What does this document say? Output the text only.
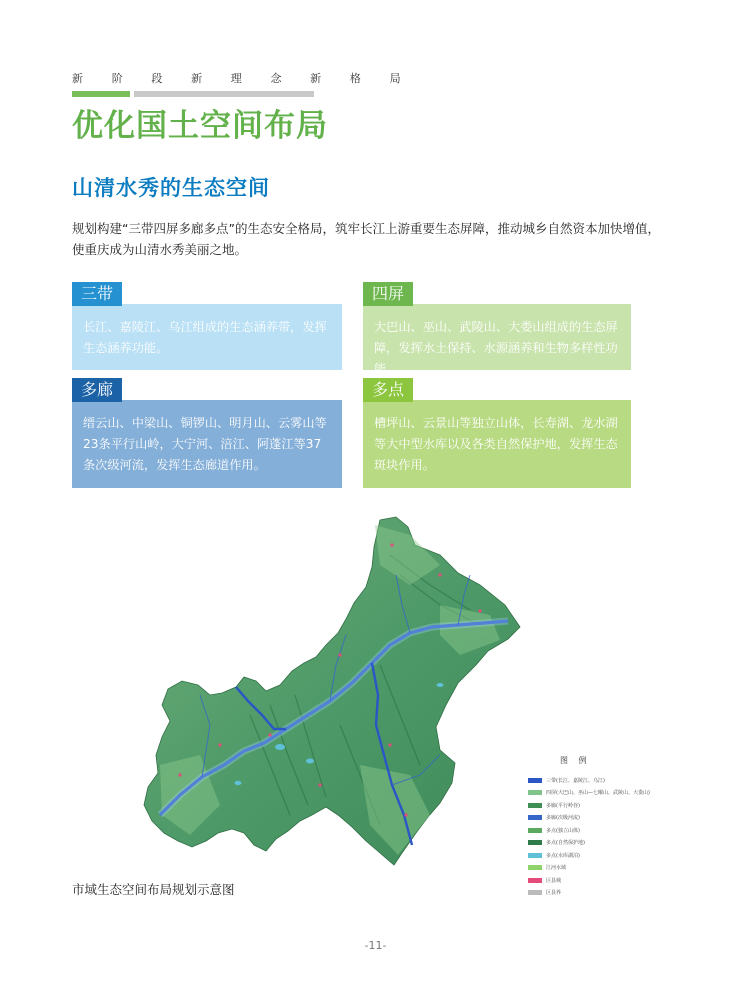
新 阶 段 新 理 念 新 格 局
优化国土空间布局
山清水秀的生态空间

规划构建“三带四屏多廊多点”的生态安全格局，筑牢长江上游重要生态屏障，推动城乡自然资本加快增值，使重庆成为山清水秀美丽之地。

长江、嘉陵江、乌江组成的生态涵养带，发挥生态涵养功能。
三带
大巴山、巫山、武陵山、大娄山组成的生态屏障，发挥水土保持、水源涵养和生物多样性功能。
四屏
缙云山、中梁山、铜锣山、明月山、云雾山等23条平行山岭，大宁河、涪江、阿蓬江等37条次级河流，发挥生态廊道作用。
多廊
槽坪山、云景山等独立山体，长寿湖、龙水湖等大中型水库以及各类自然保护地，发挥生态斑块作用。
多点
图 例
三带(长江、嘉陵江、乌江)
四屏(大巴山、巫山—七曜山、武陵山、大娄山)
多廊(平行岭谷)
多廊(次级河流)
多点(独立山体)
多点(自然保护地)
多点(水库湖泊)
江河水域
区县城
区县界
市域生态空间布局规划示意图
-11-
